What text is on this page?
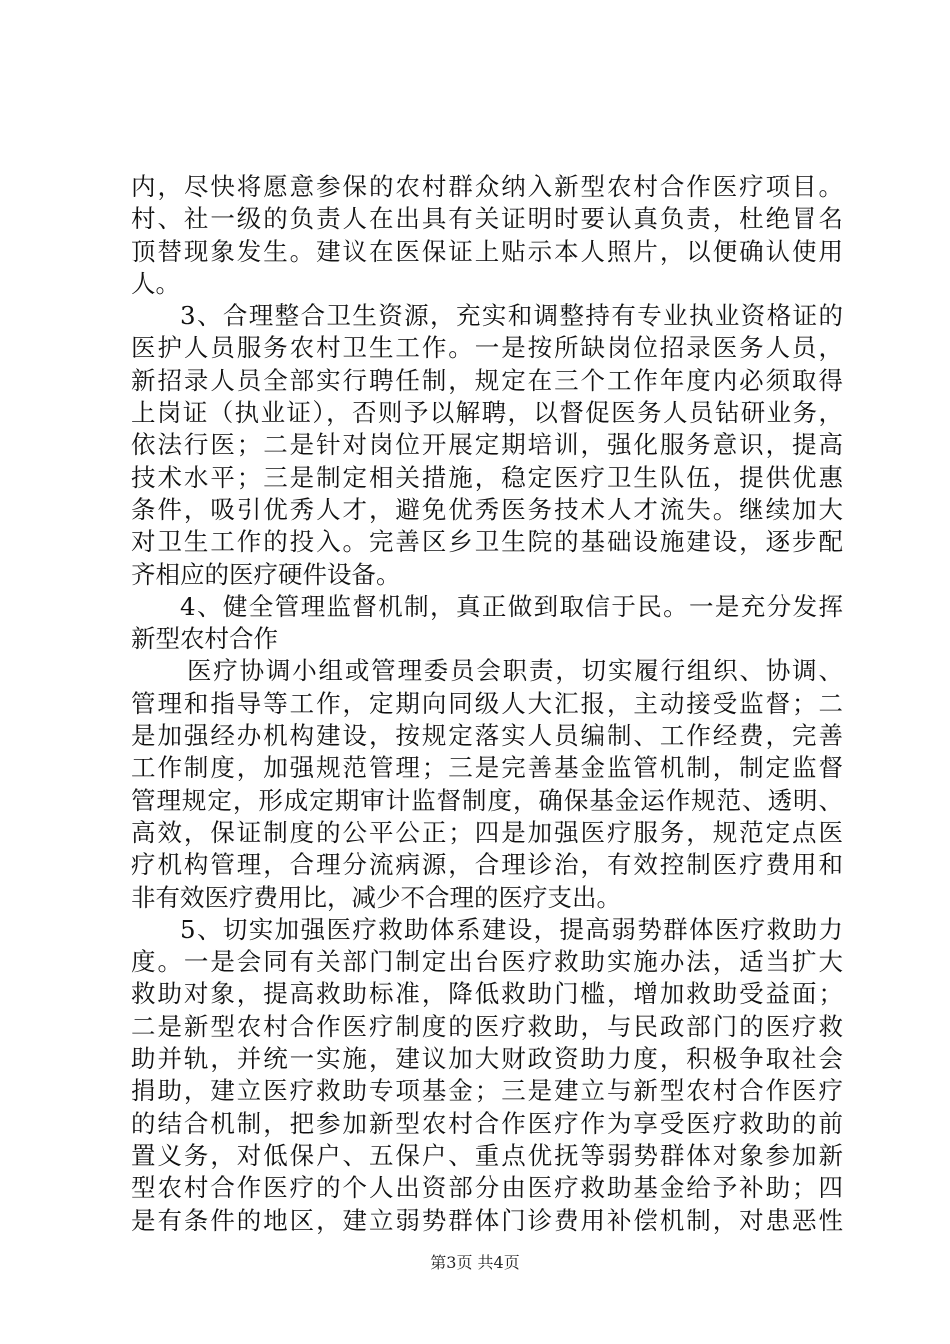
内，尽快将愿意参保的农村群众纳入新型农村合作医疗项目。
村、社一级的负责人在出具有关证明时要认真负责，杜绝冒名
顶替现象发生。建议在医保证上贴示本人照片，以便确认使用
人。
3、合理整合卫生资源，充实和调整持有专业执业资格证的
医护人员服务农村卫生工作。一是按所缺岗位招录医务人员，
新招录人员全部实行聘任制，规定在三个工作年度内必须取得
上岗证（执业证），否则予以解聘，以督促医务人员钻研业务，
依法行医；二是针对岗位开展定期培训，强化服务意识，提高
技术水平；三是制定相关措施，稳定医疗卫生队伍，提供优惠
条件，吸引优秀人才，避免优秀医务技术人才流失。继续加大
对卫生工作的投入。完善区乡卫生院的基础设施建设，逐步配
齐相应的医疗硬件设备。
4、健全管理监督机制，真正做到取信于民。一是充分发挥
新型农村合作
医疗协调小组或管理委员会职责，切实履行组织、协调、
管理和指导等工作，定期向同级人大汇报，主动接受监督；二
是加强经办机构建设，按规定落实人员编制、工作经费，完善
工作制度，加强规范管理；三是完善基金监管机制，制定监督
管理规定，形成定期审计监督制度，确保基金运作规范、透明、
高效，保证制度的公平公正；四是加强医疗服务，规范定点医
疗机构管理，合理分流病源，合理诊治，有效控制医疗费用和
非有效医疗费用比，减少不合理的医疗支出。
5、切实加强医疗救助体系建设，提高弱势群体医疗救助力
度。一是会同有关部门制定出台医疗救助实施办法，适当扩大
救助对象，提高救助标准，降低救助门槛，增加救助受益面；
二是新型农村合作医疗制度的医疗救助，与民政部门的医疗救
助并轨，并统一实施，建议加大财政资助力度，积极争取社会
捐助，建立医疗救助专项基金；三是建立与新型农村合作医疗
的结合机制，把参加新型农村合作医疗作为享受医疗救助的前
置义务，对低保户、五保户、重点优抚等弱势群体对象参加新
型农村合作医疗的个人出资部分由医疗救助基金给予补助；四
是有条件的地区，建立弱势群体门诊费用补偿机制，对患恶性
第3页 共4页
